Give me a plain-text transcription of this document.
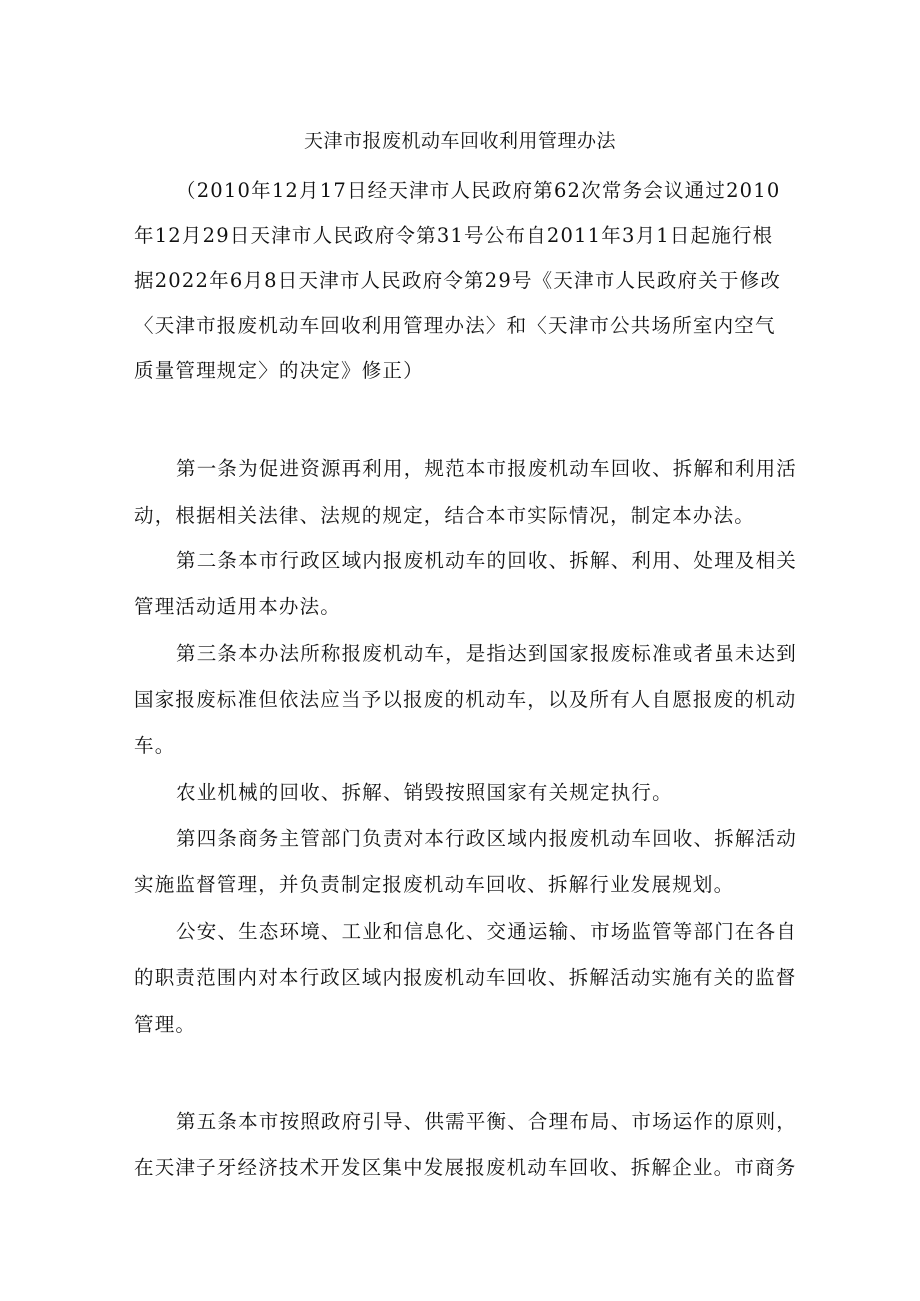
天津市报废机动车回收利用管理办法
（2010年12月17日经天津市人民政府第62次常务会议通过2010
年12月29日天津市人民政府令第31号公布自2011年3月1日起施行根
据2022年6月8日天津市人民政府令第29号《天津市人民政府关于修改
〈天津市报废机动车回收利用管理办法〉和〈天津市公共场所室内空气
质量管理规定〉的决定》修正）
第一条为促进资源再利用，规范本市报废机动车回收、拆解和利用活
动，根据相关法律、法规的规定，结合本市实际情况，制定本办法。
第二条本市行政区域内报废机动车的回收、拆解、利用、处理及相关
管理活动适用本办法。
第三条本办法所称报废机动车，是指达到国家报废标准或者虽未达到
国家报废标准但依法应当予以报废的机动车，以及所有人自愿报废的机动
车。
农业机械的回收、拆解、销毁按照国家有关规定执行。
第四条商务主管部门负责对本行政区域内报废机动车回收、拆解活动
实施监督管理，并负责制定报废机动车回收、拆解行业发展规划。
公安、生态环境、工业和信息化、交通运输、市场监管等部门在各自
的职责范围内对本行政区域内报废机动车回收、拆解活动实施有关的监督
管理。
第五条本市按照政府引导、供需平衡、合理布局、市场运作的原则，
在天津子牙经济技术开发区集中发展报废机动车回收、拆解企业。市商务
